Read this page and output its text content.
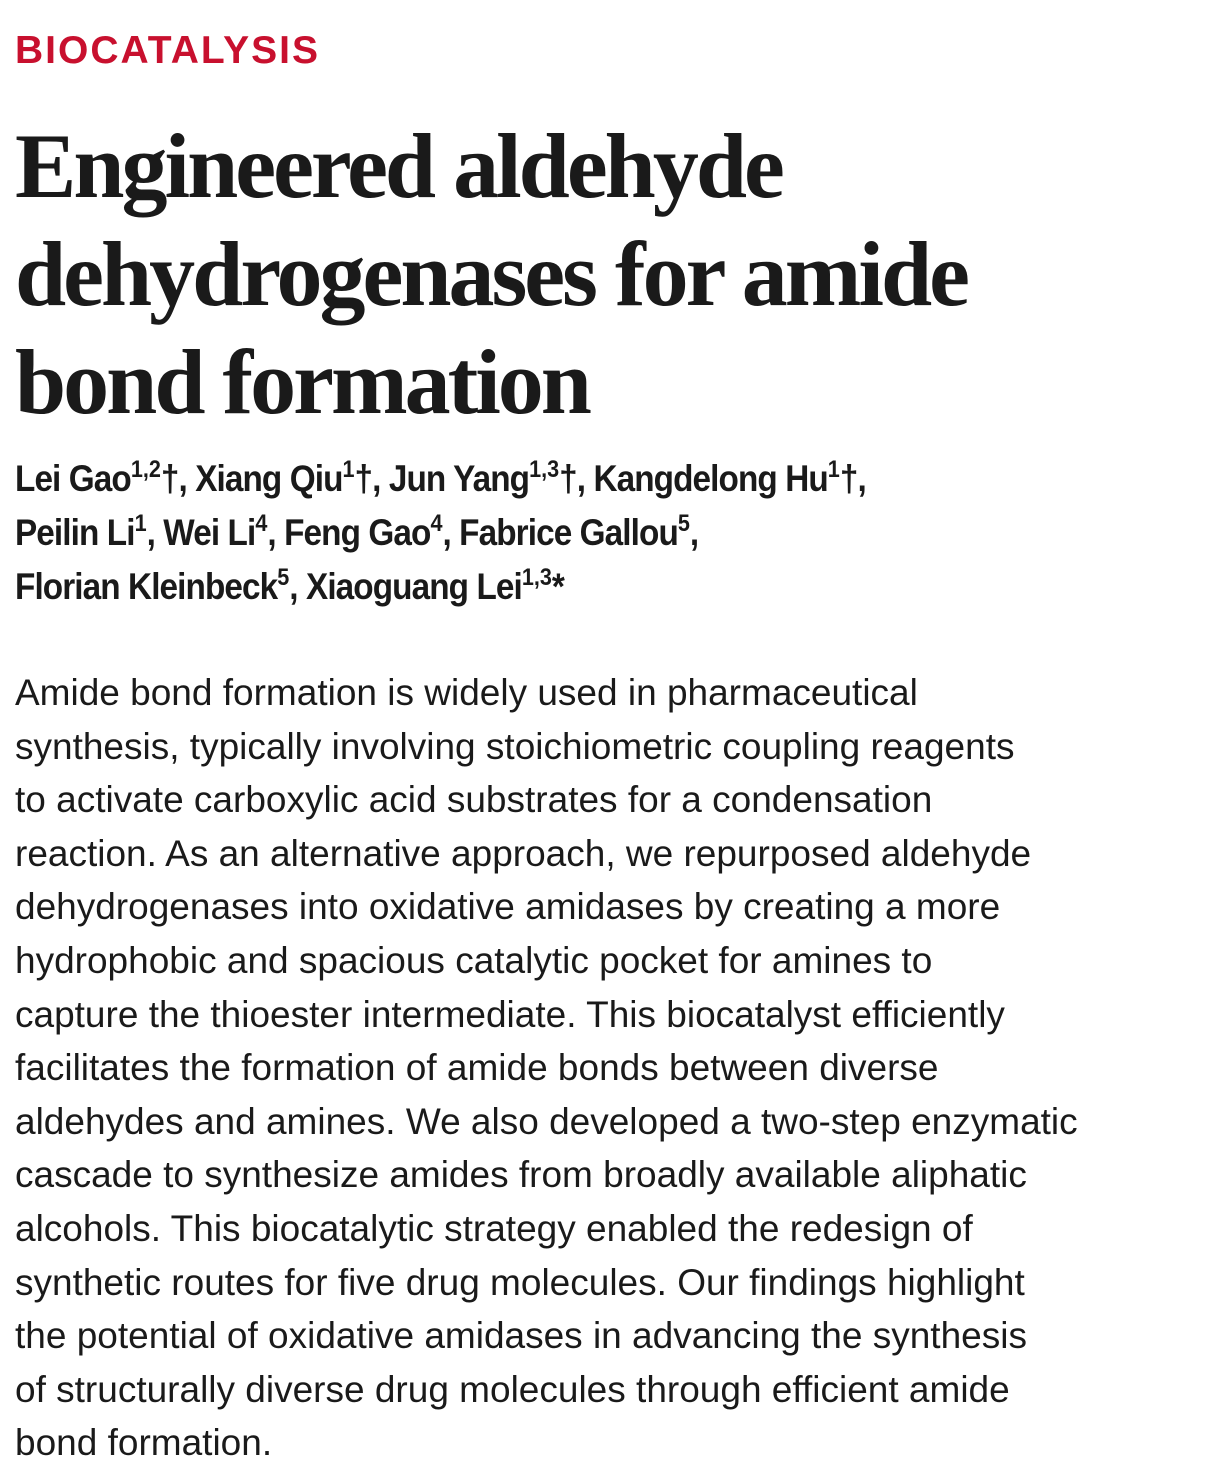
BIOCATALYSIS
Engineered aldehyde
dehydrogenases for amide
bond formation
Lei Gao$^{1,2}$†, Xiang Qiu$^1$†, Jun Yang$^{1,3}$†, Kangdelong Hu$^1$†,
Peilin Li$^1$, Wei Li$^4$, Feng Gao$^4$, Fabrice Gallou$^5$,
Florian Kleinbeck$^5$, Xiaoguang Lei$^{1,3}$*
Amide bond formation is widely used in pharmaceutical
synthesis, typically involving stoichiometric coupling reagents
to activate carboxylic acid substrates for a condensation
reaction. As an alternative approach, we repurposed aldehyde
dehydrogenases into oxidative amidases by creating a more
hydrophobic and spacious catalytic pocket for amines to
capture the thioester intermediate. This biocatalyst efficiently
facilitates the formation of amide bonds between diverse
aldehydes and amines. We also developed a two-step enzymatic
cascade to synthesize amides from broadly available aliphatic
alcohols. This biocatalytic strategy enabled the redesign of
synthetic routes for five drug molecules. Our findings highlight
the potential of oxidative amidases in advancing the synthesis
of structurally diverse drug molecules through efficient amide
bond formation.
